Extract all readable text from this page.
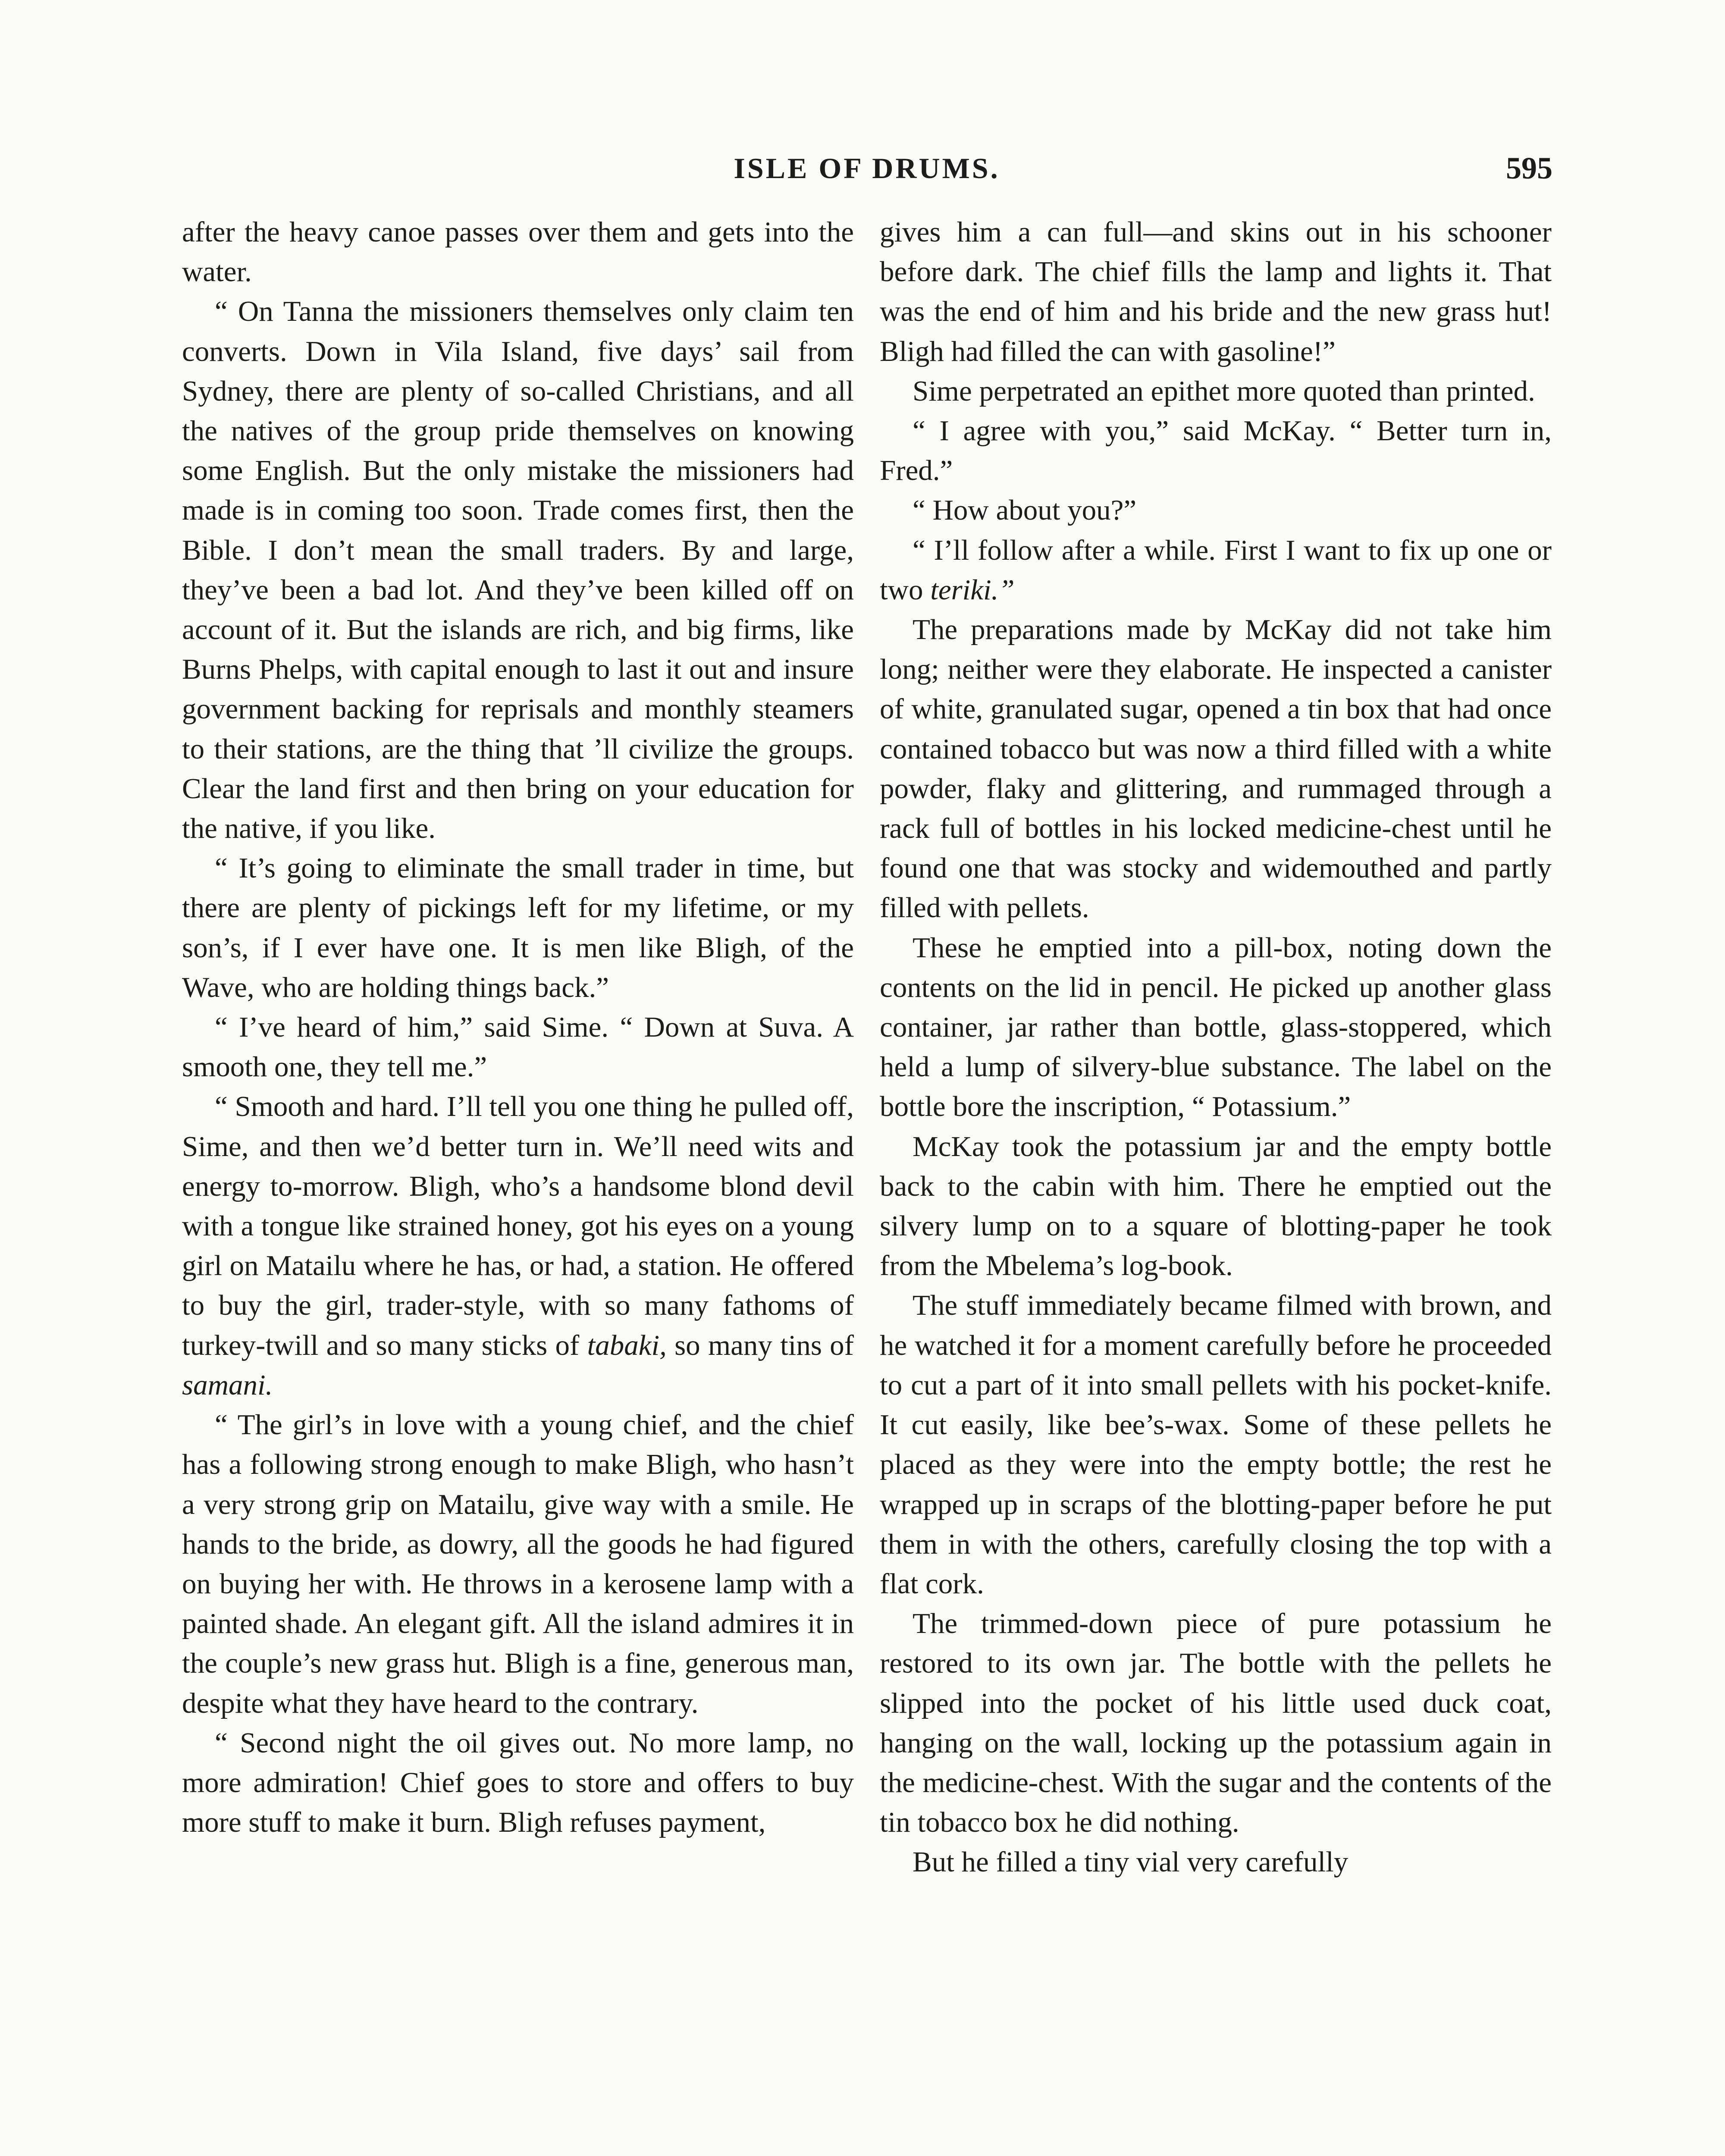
ISLE OF DRUMS.	595

after the heavy canoe passes over them and gets into the water.

“ On Tanna the missioners themselves only claim ten converts. Down in Vila Island, five days’ sail from Sydney, there are plenty of so-called Christians, and all the natives of the group pride themselves on knowing some English. But the only mistake the missioners had made is in coming too soon. Trade comes first, then the Bible. I don’t mean the small traders. By and large, they’ve been a bad lot. And they’ve been killed off on account of it. But the islands are rich, and big firms, like Burns Phelps, with capital enough to last it out and insure government backing for reprisals and monthly steamers to their stations, are the thing that ’ll civilize the groups. Clear the land first and then bring on your education for the native, if you like.

“ It’s going to eliminate the small trader in time, but there are plenty of pickings left for my lifetime, or my son’s, if I ever have one. It is men like Bligh, of the Wave, who are holding things back.”

“ I’ve heard of him,” said Sime. “ Down at Suva. A smooth one, they tell me.”

“ Smooth and hard. I’ll tell you one thing he pulled off, Sime, and then we’d better turn in. We’ll need wits and energy to-morrow. Bligh, who’s a handsome blond devil with a tongue like strained honey, got his eyes on a young girl on Matailu where he has, or had, a station. He offered to buy the girl, trader-style, with so many fathoms of turkey-twill and so many sticks of tabaki, so many tins of samani.

“ The girl’s in love with a young chief, and the chief has a following strong enough to make Bligh, who hasn’t a very strong grip on Matailu, give way with a smile. He hands to the bride, as dowry, all the goods he had figured on buying her with. He throws in a kerosene lamp with a painted shade. An elegant gift. All the island admires it in the couple’s new grass hut. Bligh is a fine, generous man, despite what they have heard to the contrary.

“ Second night the oil gives out. No more lamp, no more admiration! Chief goes to store and offers to buy more stuff to make it burn. Bligh refuses payment,

gives him a can full—and skins out in his schooner before dark. The chief fills the lamp and lights it. That was the end of him and his bride and the new grass hut! Bligh had filled the can with gasoline!”

Sime perpetrated an epithet more quoted than printed.

“ I agree with you,” said McKay. “ Better turn in, Fred.”

“ How about you?”

“ I’ll follow after a while. First I want to fix up one or two teriki.”

The preparations made by McKay did not take him long; neither were they elaborate. He inspected a canister of white, granulated sugar, opened a tin box that had once contained tobacco but was now a third filled with a white powder, flaky and glittering, and rummaged through a rack full of bottles in his locked medicine-chest until he found one that was stocky and widemouthed and partly filled with pellets.

These he emptied into a pill-box, noting down the contents on the lid in pencil. He picked up another glass container, jar rather than bottle, glass-stoppered, which held a lump of silvery-blue substance. The label on the bottle bore the inscription, “ Potassium.”

McKay took the potassium jar and the empty bottle back to the cabin with him. There he emptied out the silvery lump on to a square of blotting-paper he took from the Mbelema’s log-book.

The stuff immediately became filmed with brown, and he watched it for a moment carefully before he proceeded to cut a part of it into small pellets with his pocket-knife. It cut easily, like bee’s-wax. Some of these pellets he placed as they were into the empty bottle; the rest he wrapped up in scraps of the blotting-paper before he put them in with the others, carefully closing the top with a flat cork.

The trimmed-down piece of pure potassium he restored to its own jar. The bottle with the pellets he slipped into the pocket of his little used duck coat, hanging on the wall, locking up the potassium again in the medicine-chest. With the sugar and the contents of the tin tobacco box he did nothing.

But he filled a tiny vial very carefully
